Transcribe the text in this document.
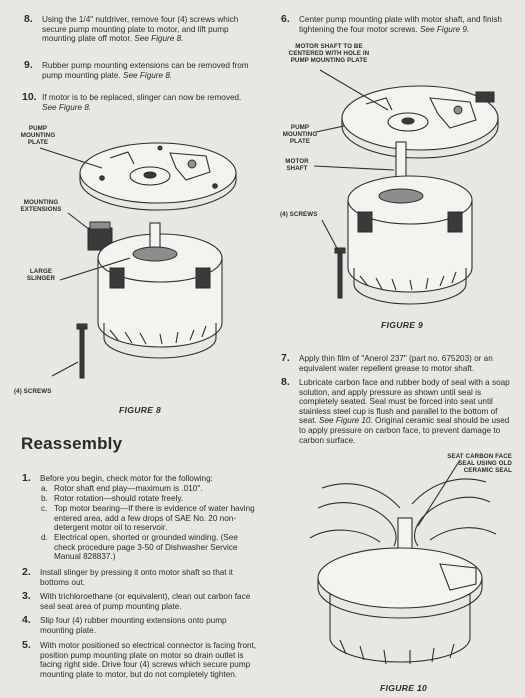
8. Using the 1/4" nutdriver, remove four (4) screws which secure pump mounting plate to motor, and lift pump mounting plate off motor. See Figure 8.
9. Rubber pump mounting extensions can be removed from pump mounting plate. See Figure 8.
10. If motor is to be replaced, slinger can now be removed. See Figure 8.
PUMP MOUNTING PLATE
MOUNTING EXTENSIONS
LARGE SLINGER
(4) SCREWS
FIGURE 8
Reassembly
1. Before you begin, check motor for the following:
a. Rotor shaft end play—maximum is .010".
b. Rotor rotation—should rotate freely.
c. Top motor bearing—If there is evidence of water having entered area, add a few drops of SAE No. 20 non-detergent motor oil to reservoir.
d. Electrical open, shorted or grounded winding. (See check procedure page 3-50 of Dishwasher Service Manual 828837.)
2. Install slinger by pressing it onto motor shaft so that it bottoms out.
3. With trichloroethane (or equivalent), clean out carbon face seal seat area of pump mounting plate.
4. Slip four (4) rubber mounting extensions onto pump mounting plate.
5. With motor positioned so electrical connector is facing front, position pump mounting plate on motor so drain outlet is facing right side. Drive four (4) screws which secure pump mounting plate to motor, but do not completely tighten.
6. Center pump mounting plate with motor shaft, and finish tightening the four motor screws. See Figure 9.
MOTOR SHAFT TO BE CENTERED WITH HOLE IN PUMP MOUNTING PLATE
PUMP MOUNTING PLATE
MOTOR SHAFT
(4) SCREWS
FIGURE 9
7. Apply thin film of "Anerol 237" (part no. 675203) or an equivalent water repellent grease to motor shaft.
8. Lubricate carbon face and rubber body of seal with a soap solution, and apply pressure as shown until seal is completely seated. Seal must be forced into seat until stainless steel cup is flush and parallel to the bottom of seat. See Figure 10. Original ceramic seal should be used to apply pressure on carbon face, to prevent damage to carbon surface.
SEAT CARBON FACE SEAL USING OLD CERAMIC SEAL
FIGURE 10
